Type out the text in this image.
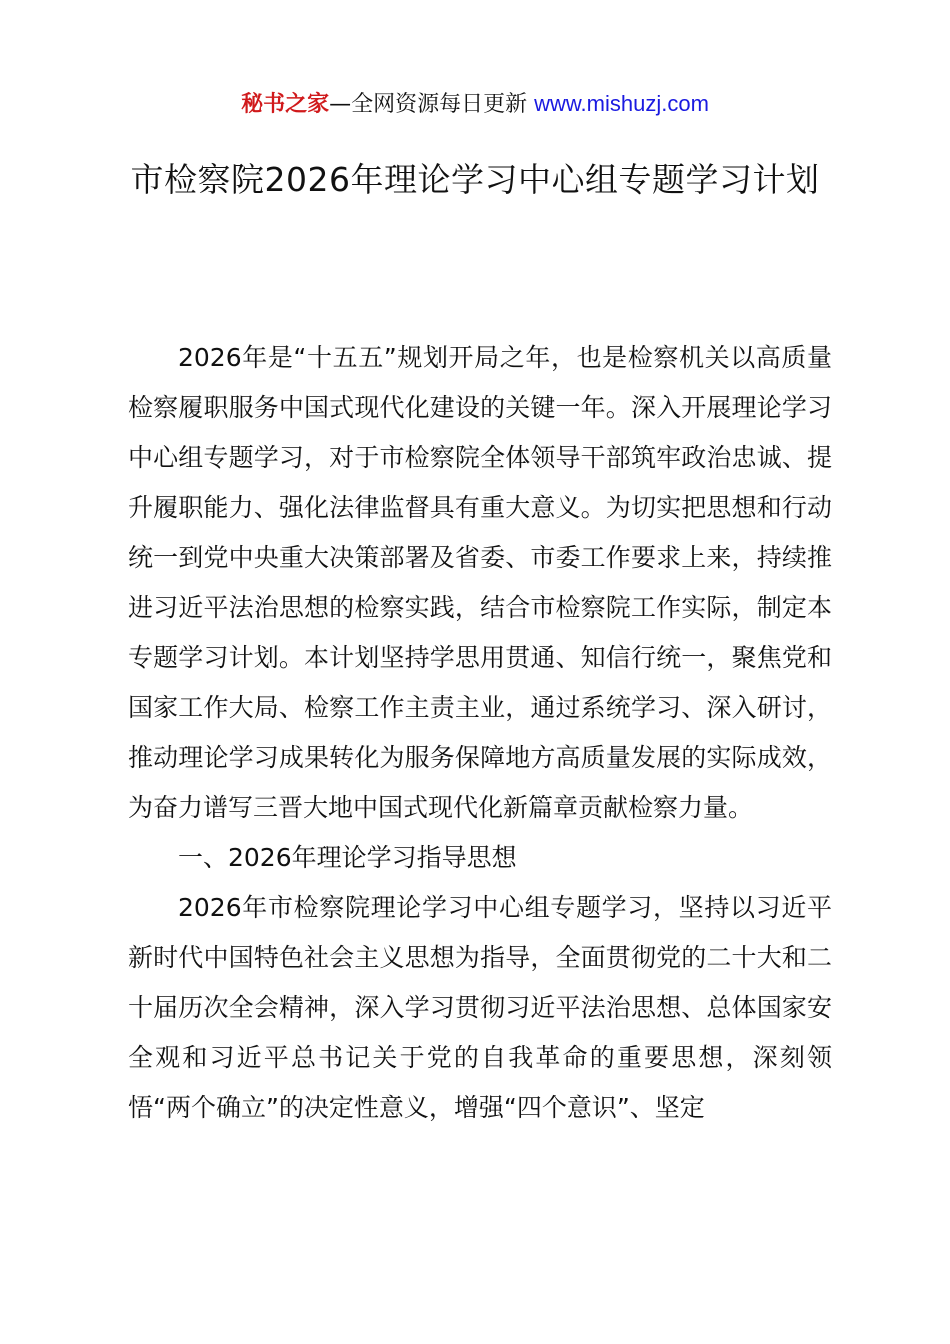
秘书之家—全网资源每日更新 www.mishuzj.com
市检察院2026年理论学习中心组专题学习计划

2026年是“十五五”规划开局之年，也是检察机关以高质量检察履职服务中国式现代化建设的关键一年。深入开展理论学习中心组专题学习，对于市检察院全体领导干部筑牢政治忠诚、提升履职能力、强化法律监督具有重大意义。为切实把思想和行动统一到党中央重大决策部署及省委、市委工作要求上来，持续推进习近平法治思想的检察实践，结合市检察院工作实际，制定本专题学习计划。本计划坚持学思用贯通、知信行统一，聚焦党和国家工作大局、检察工作主责主业，通过系统学习、深入研讨，推动理论学习成果转化为服务保障地方高质量发展的实际成效，为奋力谱写三晋大地中国式现代化新篇章贡献检察力量。

一、2026年理论学习指导思想

2026年市检察院理论学习中心组专题学习，坚持以习近平新时代中国特色社会主义思想为指导，全面贯彻党的二十大和二十届历次全会精神，深入学习贯彻习近平法治思想、总体国家安全观和习近平总书记关于党的自我革命的重要思想，深刻领悟“两个确立”的决定性意义，增强“四个意识”、坚定
